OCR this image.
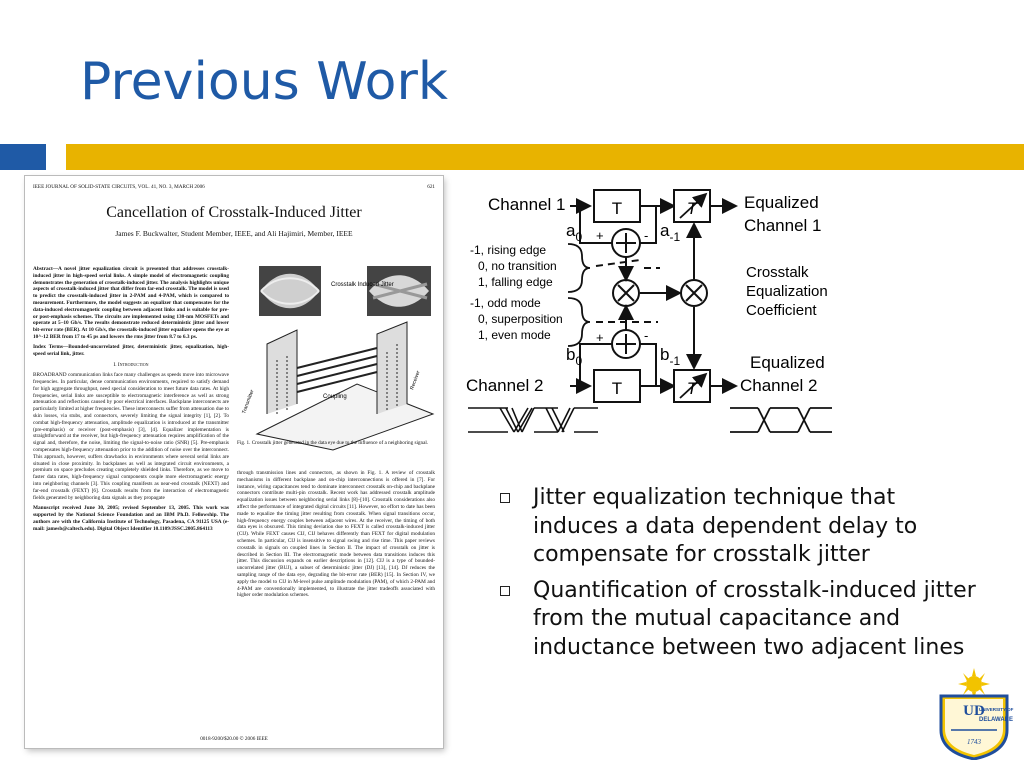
Previous Work
IEEE JOURNAL OF SOLID-STATE CIRCUITS, VOL. 41, NO. 3, MARCH 2006	621
Cancellation of Crosstalk-Induced Jitter
James F. Buckwalter, Student Member, IEEE, and Ali Hajimiri, Member, IEEE
Abstract—A novel jitter equalization circuit is presented that addresses crosstalk-induced jitter in high-speed serial links. A simple model of electromagnetic coupling demonstrates the generation of crosstalk-induced jitter. The analysis highlights unique aspects of crosstalk-induced jitter that differ from far-end crosstalk. The model is used to predict the crosstalk-induced jitter in 2-PAM and 4-PAM, which is compared to measurement. Furthermore, the model suggests an equalizer that compensates for the data-induced electromagnetic coupling between adjacent links and is suitable for pre- or post-emphasis schemes. The circuits are implemented using 130-nm MOSFETs and operate at 5–10 Gb/s. The results demonstrate reduced deterministic jitter and lower bit-error rate (BER). At 10 Gb/s, the crosstalk-induced jitter equalizer opens the eye at 10^-12 BER from 17 to 45 ps and lowers the rms jitter from 8.7 to 6.3 ps.
Index Terms—Bounded-uncorrelated jitter, deterministic jitter, equalization, high-speed serial link, jitter.
I. Introduction
BROADBAND communication links face many challenges as speeds move into microwave frequencies. In particular, dense communication environments, required to satisfy demand for high aggregate throughput, need special consideration to meet future data rates. At high frequencies, serial links are susceptible to electromagnetic interference as well as strong attenuation and reflections caused by poor electrical interfaces. Backplane interconnects are particularly limited at higher frequencies. These interconnects suffer from attenuation due to skin losses, via stubs, and connectors, severely limiting the signal integrity [1], [2]. To combat high-frequency attenuation, amplitude equalization is introduced at the transmitter (pre-emphasis) or receiver (post-emphasis) [3], [4]. Equalizer implementation is straightforward at the receiver, but high-frequency attenuation requires amplification of the signal and, therefore, the noise, limiting the signal-to-noise ratio (SNR) [5]. Pre-emphasis compensates high-frequency attenuation prior to the addition of noise over the interconnect. This approach, however, suffers drawbacks in environments where several serial links are situated in close proximity. In backplanes as well as integrated circuit environments, a premium on space precludes creating completely shielded links. Therefore, as we move to faster data rates, high-frequency signal components couple more electromagnetic energy into neighboring channels [3]. This coupling manifests as near-end crosstalk (NEXT) and far-end crosstalk (FEXT) [6]. Crosstalk results from the interaction of electromagnetic fields generated by neighboring data signals as they propagate
Manuscript received June 30, 2005; revised September 13, 2005. This work was supported by the National Science Foundation and an IBM Ph.D. Fellowship. The authors are with the California Institute of Technology, Pasadena, CA 91125 USA (e-mail: jamesb@caltech.edu). Digital Object Identifier 10.1109/JSSC.2005.864113
Crosstalk Induced Jitter
Coupling
Transmitter
Receiver
Fig. 1. Crosstalk jitter generated in the data eye due to the influence of a neighboring signal.
through transmission lines and connectors, as shown in Fig. 1. A review of crosstalk mechanisms in different backplane and on-chip interconnections is offered in [7]. For instance, wiring capacitances tend to dominate interconnect crosstalk on-chip and backplane connectors contribute multi-pin crosstalk. Recent work has addressed crosstalk amplitude equalization issues between neighboring serial links [8]–[10]. Crosstalk considerations also affect the performance of integrated digital circuits [11]. However, no effort to date has been made to equalize the timing jitter resulting from crosstalk. When signal transitions occur, high-frequency energy couples between adjacent wires. At the receiver, the timing of both data eyes is obscured. This timing deviation due to FEXT is called crosstalk-induced jitter (CIJ). While FEXT causes CIJ, CIJ behaves differently than FEXT for digital modulation schemes. In particular, CIJ is insensitive to signal swing and rise time. This paper reviews crosstalk in signals on coupled lines in Section II. The impact of crosstalk on jitter is described in Section III. The electromagnetic mode between data transitions induces this jitter. This discussion expands on earlier descriptions in [12]. CIJ is a type of bounded-uncorrelated jitter (BUJ), a subset of deterministic jitter (DJ) [13], [14]. DJ reduces the sampling range of the data eye, degrading the bit-error rate (BER) [15]. In Section IV, we apply the model to CIJ in M-level pulse amplitude modulation (PAM), of which 2-PAM and 4-PAM are conventionally implemented, to illustrate the jitter tradeoffs associated with higher order modulation schemes.
0018-9200/$20.00 © 2006 IEEE
T
T
T
T
+	-
+	-
$a_0$	$a_{-1}$
$b_0$	$b_{-1}$
Channel 1
Channel 2
Equalized
Channel 1
Equalized
Channel 2
-1, rising edge
0, no transition
1, falling edge
-1, odd mode
0, superposition
1, even mode
Crosstalk
Equalization
Coefficient
Jitter equalization technique that induces a data dependent delay to compensate for crosstalk jitter
Quantification of crosstalk-induced jitter from the mutual capacitance and inductance between two adjacent lines
UD
UNIVERSITY OF
DELAWARE
1743
